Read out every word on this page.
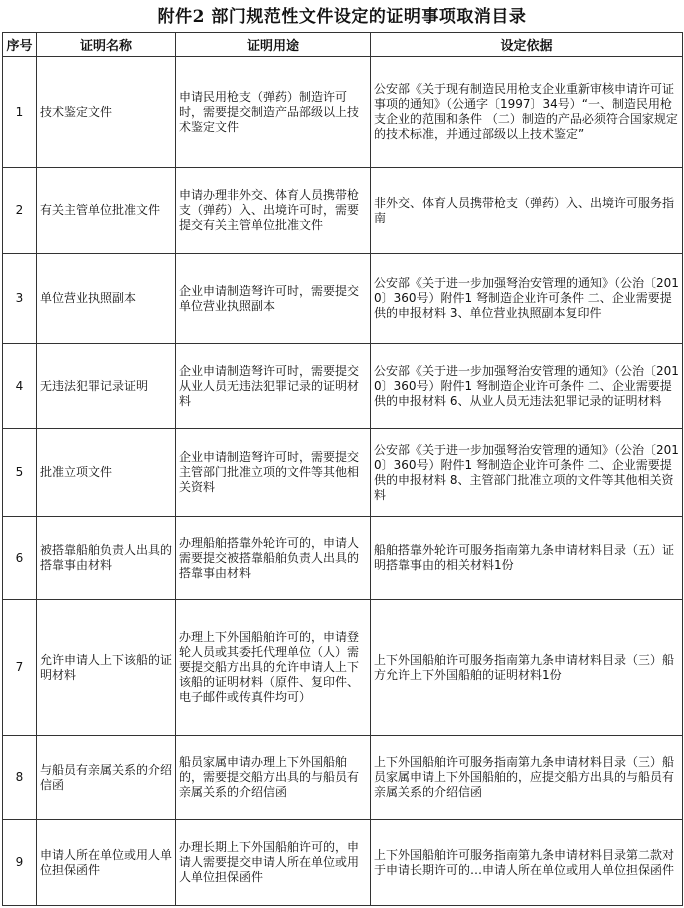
附件2 部门规范性文件设定的证明事项取消目录
序号	证明名称	证明用途	设定依据
1	技术鉴定文件	申请民用枪支（弹药）制造许可时，需要提交制造产品部级以上技术鉴定文件	公安部《关于现有制造民用枪支企业重新审核申请许可证事项的通知》（公通字〔1997〕34号）“一、制造民用枪支企业的范围和条件 （二）制造的产品必须符合国家规定的技术标准，并通过部级以上技术鉴定”
2	有关主管单位批准文件	申请办理非外交、体育人员携带枪支（弹药）入、出境许可时，需要提交有关主管单位批准文件	非外交、体育人员携带枪支（弹药）入、出境许可服务指南
3	单位营业执照副本	企业申请制造弩许可时，需要提交单位营业执照副本	公安部《关于进一步加强弩治安管理的通知》（公治〔2010〕360号）附件1 弩制造企业许可条件 二、企业需要提供的申报材料 3、单位营业执照副本复印件
4	无违法犯罪记录证明	企业申请制造弩许可时，需要提交从业人员无违法犯罪记录的证明材料	公安部《关于进一步加强弩治安管理的通知》（公治〔2010〕360号）附件1 弩制造企业许可条件 二、企业需要提供的申报材料 6、从业人员无违法犯罪记录的证明材料
5	批准立项文件	企业申请制造弩许可时，需要提交主管部门批准立项的文件等其他相关资料	公安部《关于进一步加强弩治安管理的通知》（公治〔2010〕360号）附件1 弩制造企业许可条件 二、企业需要提供的申报材料 8、主管部门批准立项的文件等其他相关资料
6	被搭靠船舶负责人出具的搭靠事由材料	办理船舶搭靠外轮许可的，申请人需要提交被搭靠船舶负责人出具的搭靠事由材料	船舶搭靠外轮许可服务指南第九条申请材料目录（五）证明搭靠事由的相关材料1份
7	允许申请人上下该船的证明材料	办理上下外国船舶许可的，申请登轮人员或其委托代理单位（人）需要提交船方出具的允许申请人上下该船的证明材料（原件、复印件、电子邮件或传真件均可）	上下外国船舶许可服务指南第九条申请材料目录（三）船方允许上下外国船舶的证明材料1份
8	与船员有亲属关系的介绍信函	船员家属申请办理上下外国船舶的，需要提交船方出具的与船员有亲属关系的介绍信函	上下外国船舶许可服务指南第九条申请材料目录（三）船员家属申请上下外国船舶的，应提交船方出具的与船员有亲属关系的介绍信函
9	申请人所在单位或用人单位担保函件	办理长期上下外国船舶许可的，申请人需要提交申请人所在单位或用人单位担保函件	上下外国船舶许可服务指南第九条申请材料目录第二款对于申请长期许可的…申请人所在单位或用人单位担保函件
